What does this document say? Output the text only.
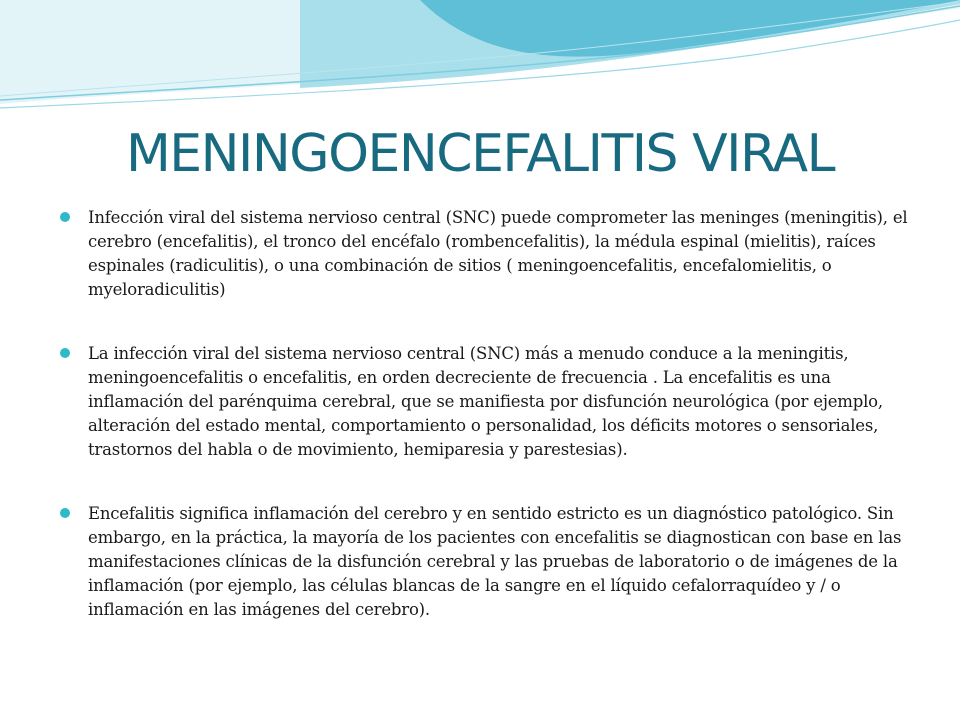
MENINGOENCEFALITIS VIRAL
Infección viral del sistema nervioso central (SNC) puede comprometer las meninges (meningitis), el cerebro (encefalitis), el tronco del encéfalo (rombencefalitis), la médula espinal (mielitis), raíces espinales (radiculitis), o una combinación de sitios ( meningoencefalitis, encefalomielitis, o myeloradiculitis)
La infección viral del sistema nervioso central (SNC) más a menudo conduce a la meningitis, meningoencefalitis o encefalitis, en orden decreciente de frecuencia . La encefalitis es una inflamación del parénquima cerebral, que se manifiesta por disfunción neurológica (por ejemplo, alteración del estado mental, comportamiento o personalidad, los déficits motores o sensoriales, trastornos del habla o de movimiento, hemiparesia y parestesias).
Encefalitis significa inflamación del cerebro y en sentido estricto es un diagnóstico patológico. Sin embargo, en la práctica, la mayoría de los pacientes con encefalitis se diagnostican con base en las manifestaciones clínicas de la disfunción cerebral y las pruebas de laboratorio o de imágenes de la inflamación (por ejemplo, las células blancas de la sangre en el líquido cefalorraquídeo y / o inflamación en las imágenes del cerebro).
